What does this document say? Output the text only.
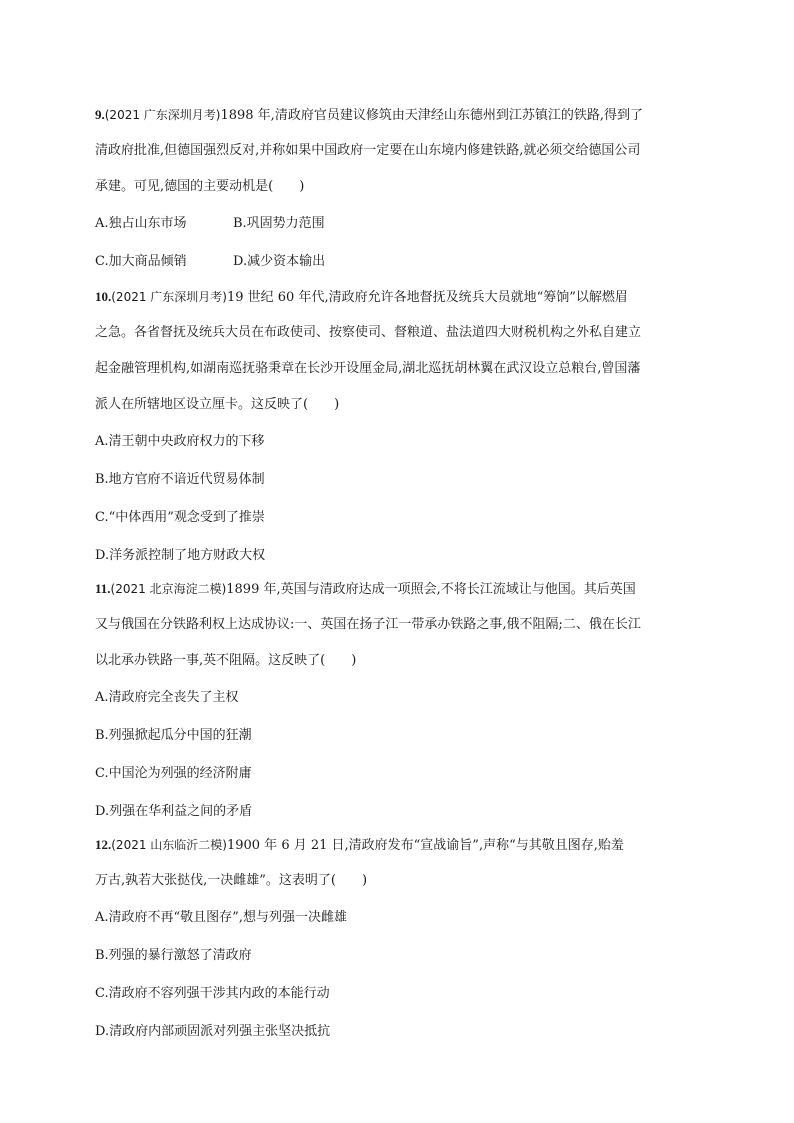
9.(2021 广东深圳月考)1898 年,清政府官员建议修筑由天津经山东德州到江苏镇江的铁路,得到了
清政府批准,但德国强烈反对,并称如果中国政府一定要在山东境内修建铁路,就必须交给德国公司
承建。可见,德国的主要动机是(　　)
A.独占山东市场	B.巩固势力范围
C.加大商品倾销	D.减少资本输出
10.(2021 广东深圳月考)19 世纪 60 年代,清政府允许各地督抚及统兵大员就地“筹饷”以解燃眉
之急。各省督抚及统兵大员在布政使司、按察使司、督粮道、盐法道四大财税机构之外私自建立
起金融管理机构,如湖南巡抚骆秉章在长沙开设厘金局,湖北巡抚胡林翼在武汉设立总粮台,曾国藩
派人在所辖地区设立厘卡。这反映了(　　)
A.清王朝中央政府权力的下移
B.地方官府不谙近代贸易体制
C.“中体西用”观念受到了推崇
D.洋务派控制了地方财政大权
11.(2021 北京海淀二模)1899 年,英国与清政府达成一项照会,不将长江流域让与他国。其后英国
又与俄国在分铁路利权上达成协议:一、英国在扬子江一带承办铁路之事,俄不阻隔;二、俄在长江
以北承办铁路一事,英不阻隔。这反映了(　　)
A.清政府完全丧失了主权
B.列强掀起瓜分中国的狂潮
C.中国沦为列强的经济附庸
D.列强在华利益之间的矛盾
12.(2021 山东临沂二模)1900 年 6 月 21 日,清政府发布“宣战谕旨”,声称“与其敬且图存,贻羞
万古,孰若大张挞伐,一决雌雄”。这表明了(　　)
A.清政府不再“敬且图存”,想与列强一决雌雄
B.列强的暴行激怒了清政府
C.清政府不容列强干涉其内政的本能行动
D.清政府内部顽固派对列强主张坚决抵抗
